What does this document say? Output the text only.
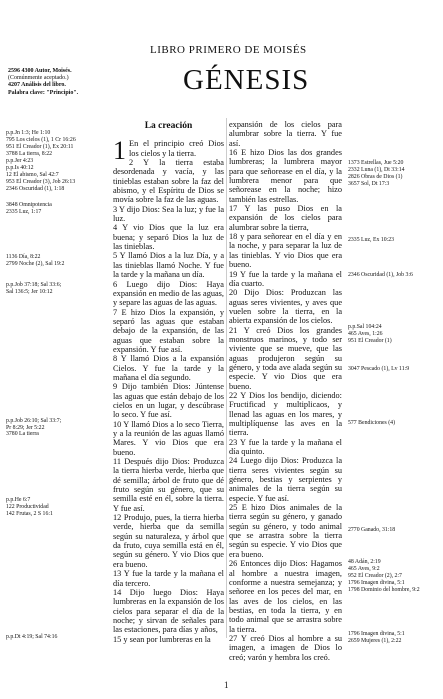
LIBRO PRIMERO DE MOISÉS
GÉNESIS
2596 4300 Autor, Moisés.
(Comúnmente aceptado.)
4207 Análisis del libro.
Palabra clave: "Principio".
p.p.Jn 1:3; He 1:10
795 Los cielos (1), 1 Cr 16:26
951 El Creador (1), Ex 20:11
3788 La tierra, 8:22
p.p.Jer 4:23
p.p.Is 40:12
12 El abismo, Sal 42:7
953 El Creador (3), Job 26:13
2346 Oscuridad (1), 1:18
3848 Omnipotencia
2335 Luz, 1:17
1136 Día, 8:22
2799 Noche (2), Sal 19:2
p.p.Job 37:18; Sal 33:6;
Sal 136:5; Jer 10:12
p.p.Job 26:10; Sal 33:7;
Pr 8:29; Jer 5:22
3780 La tierra
p.p.He 6:7
122 Productividad
142 Frutas, 2 S 16:1
p.p.Dt 4:19; Sal 74:16
1373 Estrellas, Jue 5:20
2332 Luna (1), Dt 33:14
2826 Obras de Dios (1)
3657 Sol, Dt 17:3
2335 Luz, Ex 10:23
2346 Oscuridad (1), Job 3:6
p.p.Sal 104:24
465 Aves, 1:26
951 El Creador (1)
3047 Pescado (1), Lv 11:9
577 Bendiciones (4)
2770 Ganado, 31:18
48 Adán, 2:19
465 Aves, 9:2
952 El Creador (2), 2:7
1796 Imagen divina, 5:1
1798 Dominio del hombre, 9:2
1796 Imagen divina, 5:1
2659 Mujeres (1), 2:22
La creación

1 En el principio creó Dios los cielos y la tierra.

2 Y la tierra estaba desordenada y vacía, y las tinieblas estaban sobre la faz del abismo, y el Espíritu de Dios se movía sobre la faz de las aguas.

3 Y dijo Dios: Sea la luz; y fue la luz.

4 Y vio Dios que la luz era buena; y separó Dios la luz de las tinieblas.

5 Y llamó Dios a la luz Día, y a las tinieblas llamó Noche. Y fue la tarde y la mañana un día.

6 Luego dijo Dios: Haya expansión en medio de las aguas, y separe las aguas de las aguas.

7 E hizo Dios la expansión, y separó las aguas que estaban debajo de la expansión, de las aguas que estaban sobre la expansión. Y fue así.

8 Y llamó Dios a la expansión Cielos. Y fue la tarde y la mañana el día segundo.

9 Dijo también Dios: Júntense las aguas que están debajo de los cielos en un lugar, y descúbrase lo seco. Y fue así.

10 Y llamó Dios a lo seco Tierra, y a la reunión de las aguas llamó Mares. Y vio Dios que era bueno.

11 Después dijo Dios: Produzca la tierra hierba verde, hierba que dé semilla; árbol de fruto que dé fruto según su género, que su semilla esté en él, sobre la tierra. Y fue así.

12 Produjo, pues, la tierra hierba verde, hierba que da semilla según su naturaleza, y árbol que da fruto, cuya semilla está en él, según su género. Y vio Dios que era bueno.

13 Y fue la tarde y la mañana el día tercero.

14 Dijo luego Dios: Haya lumbreras en la expansión de los cielos para separar el día de la noche; y sirvan de señales para las estaciones, para días y años,

15 y sean por lumbreras en la

expansión de los cielos para alumbrar sobre la tierra. Y fue así.

16 E hizo Dios las dos grandes lumbreras; la lumbrera mayor para que señorease en el día, y la lumbrera menor para que señorease en la noche; hizo también las estrellas.

17 Y las puso Dios en la expansión de los cielos para alumbrar sobre la tierra,

18 y para señorear en el día y en la noche, y para separar la luz de las tinieblas. Y vio Dios que era bueno.

19 Y fue la tarde y la mañana el día cuarto.

20 Dijo Dios: Produzcan las aguas seres vivientes, y aves que vuelen sobre la tierra, en la abierta expansión de los cielos.

21 Y creó Dios los grandes monstruos marinos, y todo ser viviente que se mueve, que las aguas produjeron según su género, y toda ave alada según su especie. Y vio Dios que era bueno.

22 Y Dios los bendijo, diciendo: Fructificad y multiplicaos, y llenad las aguas en los mares, y multiplíquense las aves en la tierra.

23 Y fue la tarde y la mañana el día quinto.

24 Luego dijo Dios: Produzca la tierra seres vivientes según su género, bestias y serpientes y animales de la tierra según su especie. Y fue así.

25 E hizo Dios animales de la tierra según su género, y ganado según su género, y todo animal que se arrastra sobre la tierra según su especie. Y vio Dios que era bueno.

26 Entonces dijo Dios: Hagamos al hombre a nuestra imagen, conforme a nuestra semejanza; y señoree en los peces del mar, en las aves de los cielos, en las bestias, en toda la tierra, y en todo animal que se arrastra sobre la tierra.

27 Y creó Dios al hombre a su imagen, a imagen de Dios lo creó; varón y hembra los creó.

1
